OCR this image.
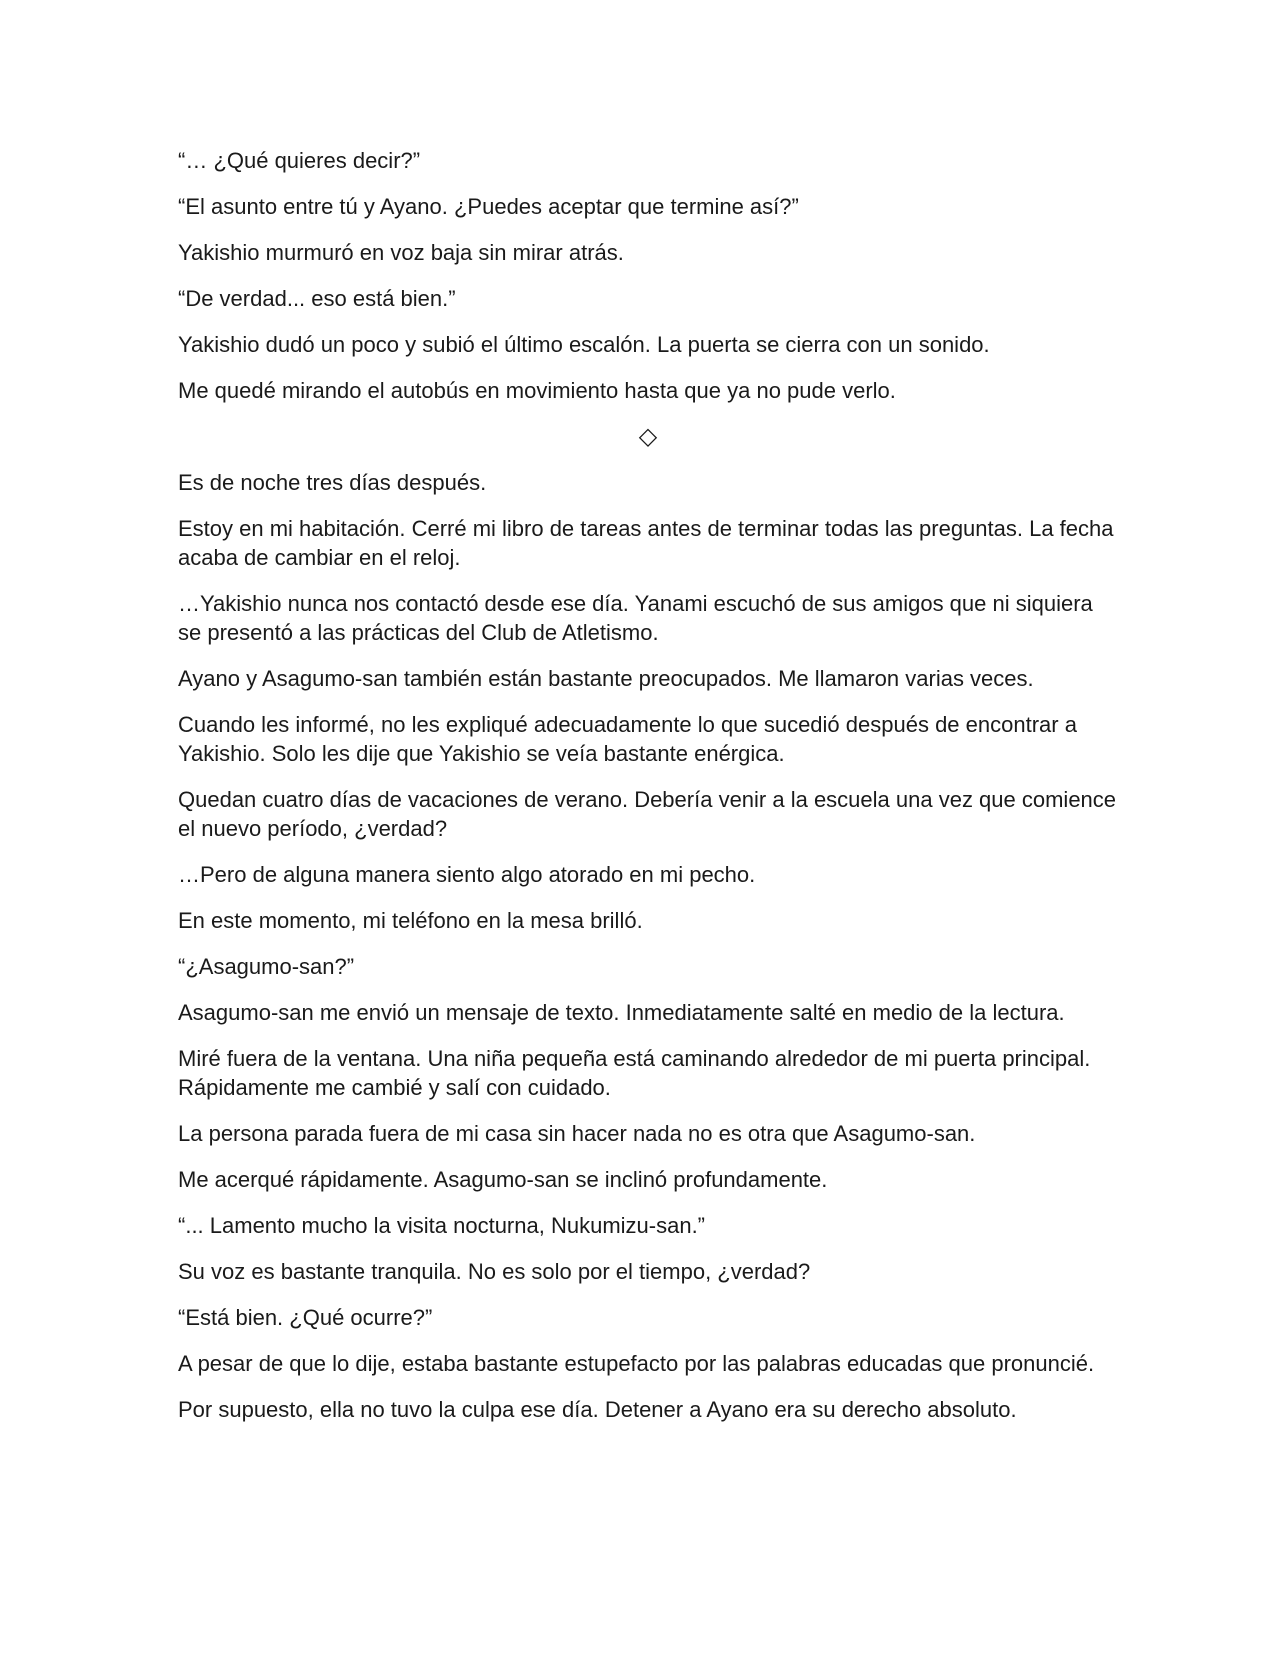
“… ¿Qué quieres decir?”

“El asunto entre tú y Ayano. ¿Puedes aceptar que termine así?”

Yakishio murmuró en voz baja sin mirar atrás.

“De verdad... eso está bien.”

Yakishio dudó un poco y subió el último escalón. La puerta se cierra con un sonido.

Me quedé mirando el autobús en movimiento hasta que ya no pude verlo.

◇

Es de noche tres días después.

Estoy en mi habitación. Cerré mi libro de tareas antes de terminar todas las preguntas. La fecha acaba de cambiar en el reloj.

…Yakishio nunca nos contactó desde ese día. Yanami escuchó de sus amigos que ni siquiera se presentó a las prácticas del Club de Atletismo.

Ayano y Asagumo-san también están bastante preocupados. Me llamaron varias veces.

Cuando les informé, no les expliqué adecuadamente lo que sucedió después de encontrar a Yakishio. Solo les dije que Yakishio se veía bastante enérgica.

Quedan cuatro días de vacaciones de verano. Debería venir a la escuela una vez que comience el nuevo período, ¿verdad?

…Pero de alguna manera siento algo atorado en mi pecho.

En este momento, mi teléfono en la mesa brilló.

“¿Asagumo-san?”

Asagumo-san me envió un mensaje de texto. Inmediatamente salté en medio de la lectura.

Miré fuera de la ventana. Una niña pequeña está caminando alrededor de mi puerta principal. Rápidamente me cambié y salí con cuidado.

La persona parada fuera de mi casa sin hacer nada no es otra que Asagumo-san.

Me acerqué rápidamente. Asagumo-san se inclinó profundamente.

“... Lamento mucho la visita nocturna, Nukumizu-san.”

Su voz es bastante tranquila. No es solo por el tiempo, ¿verdad?

“Está bien. ¿Qué ocurre?”

A pesar de que lo dije, estaba bastante estupefacto por las palabras educadas que pronuncié.

Por supuesto, ella no tuvo la culpa ese día. Detener a Ayano era su derecho absoluto.
